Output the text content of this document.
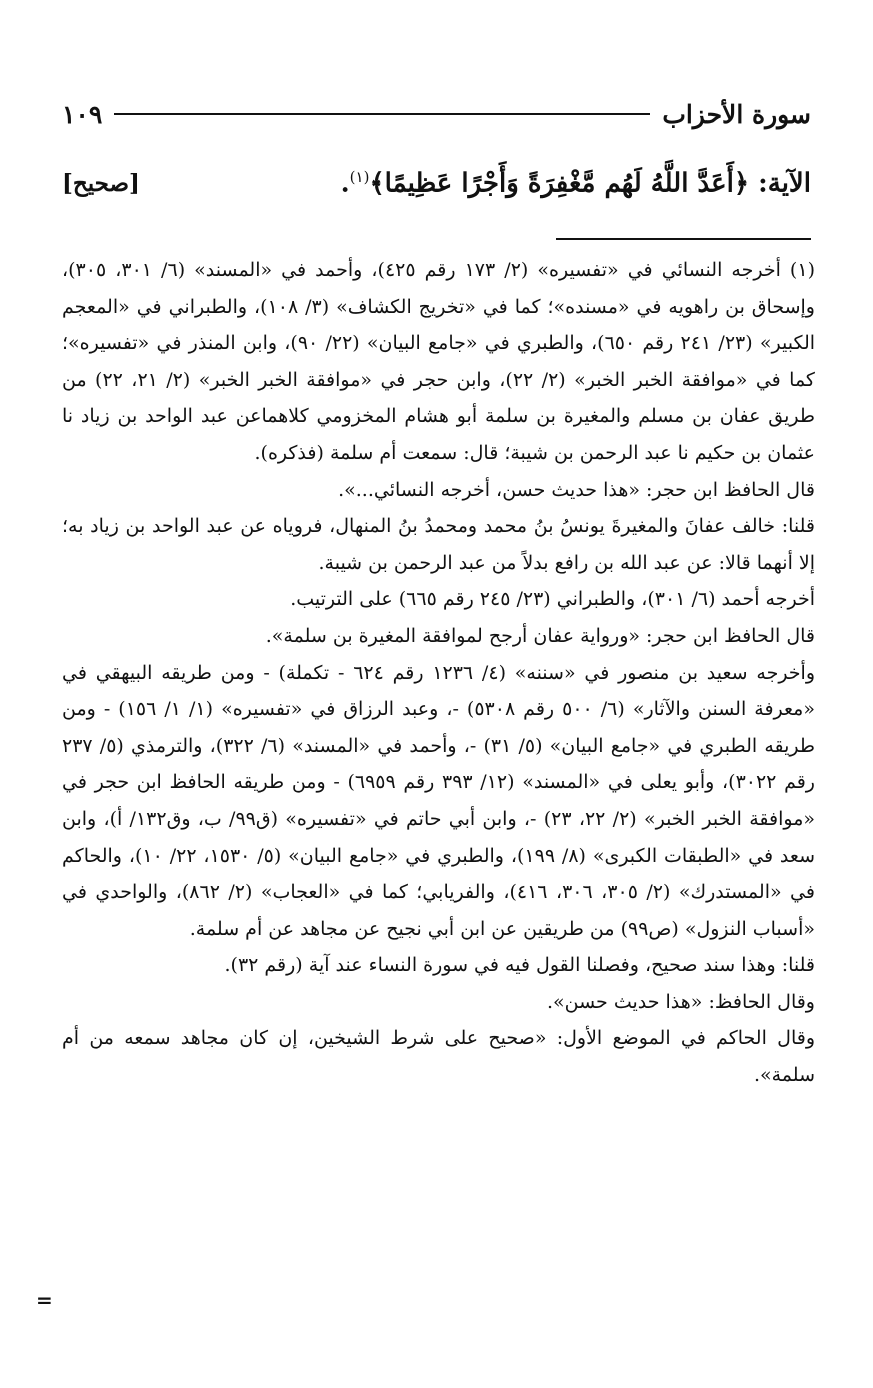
سورة الأحزاب
١٠٩
الآية: ﴿أَعَدَّ اللَّهُ لَهُم مَّغْفِرَةً وَأَجْرًا عَظِيمًا﴾$^{(١)}$.
[صحيح]

(١) أخرجه النسائي في «تفسيره» (٢/ ١٧٣ رقم ٤٢٥)، وأحمد في «المسند» (٦/ ٣٠١، ٣٠٥)، وإسحاق بن راهويه في «مسنده»؛ كما في «تخريج الكشاف» (٣/ ١٠٨)، والطبراني في «المعجم الكبير» (٢٣/ ٢٤١ رقم ٦٥٠)، والطبري في «جامع البيان» (٢٢/ ٩٠)، وابن المنذر في «تفسيره»؛ كما في «موافقة الخبر الخبر» (٢/ ٢٢)، وابن حجر في «موافقة الخبر الخبر» (٢/ ٢١، ٢٢) من طريق عفان بن مسلم والمغيرة بن سلمة أبو هشام المخزومي كلاهماعن عبد الواحد بن زياد نا عثمان بن حكيم نا عبد الرحمن بن شيبة؛ قال: سمعت أم سلمة (فذكره).

قال الحافظ ابن حجر: «هذا حديث حسن، أخرجه النسائي...».

قلنا: خالف عفانَ والمغيرةَ يونسُ بنُ محمد ومحمدُ بنُ المنهال، فروياه عن عبد الواحد بن زياد به؛ إلا أنهما قالا: عن عبد الله بن رافع بدلاً من عبد الرحمن بن شيبة.

أخرجه أحمد (٦/ ٣٠١)، والطبراني (٢٣/ ٢٤٥ رقم ٦٦٥) على الترتيب.

قال الحافظ ابن حجر: «ورواية عفان أرجح لموافقة المغيرة بن سلمة».

وأخرجه سعيد بن منصور في «سننه» (٤/ ١٢٣٦ رقم ٦٢٤ - تكملة) - ومن طريقه البيهقي في «معرفة السنن والآثار» (٦/ ٥٠٠ رقم ٥٣٠٨) -، وعبد الرزاق في «تفسيره» (١/ ١/ ١٥٦) - ومن طريقه الطبري في «جامع البيان» (٥/ ٣١) -، وأحمد في «المسند» (٦/ ٣٢٢)، والترمذي (٥/ ٢٣٧ رقم ٣٠٢٢)، وأبو يعلى في «المسند» (١٢/ ٣٩٣ رقم ٦٩٥٩) - ومن طريقه الحافظ ابن حجر في «موافقة الخبر الخبر» (٢/ ٢٢، ٢٣) -، وابن أبي حاتم في «تفسيره» (ق٩٩/ ب، وق١٣٢/ أ)، وابن سعد في «الطبقات الكبرى» (٨/ ١٩٩)، والطبري في «جامع البيان» (٥/ ١٥٣٠، ٢٢/ ١٠)، والحاكم في «المستدرك» (٢/ ٣٠٥، ٣٠٦، ٤١٦)، والفريابي؛ كما في «العجاب» (٢/ ٨٦٢)، والواحدي في «أسباب النزول» (ص٩٩) من طريقين عن ابن أبي نجيح عن مجاهد عن أم سلمة.

قلنا: وهذا سند صحيح، وفصلنا القول فيه في سورة النساء عند آية (رقم ٣٢).

وقال الحافظ: «هذا حديث حسن».

وقال الحاكم في الموضع الأول: «صحيح على شرط الشيخين، إن كان مجاهد سمعه من أم سلمة».

=
